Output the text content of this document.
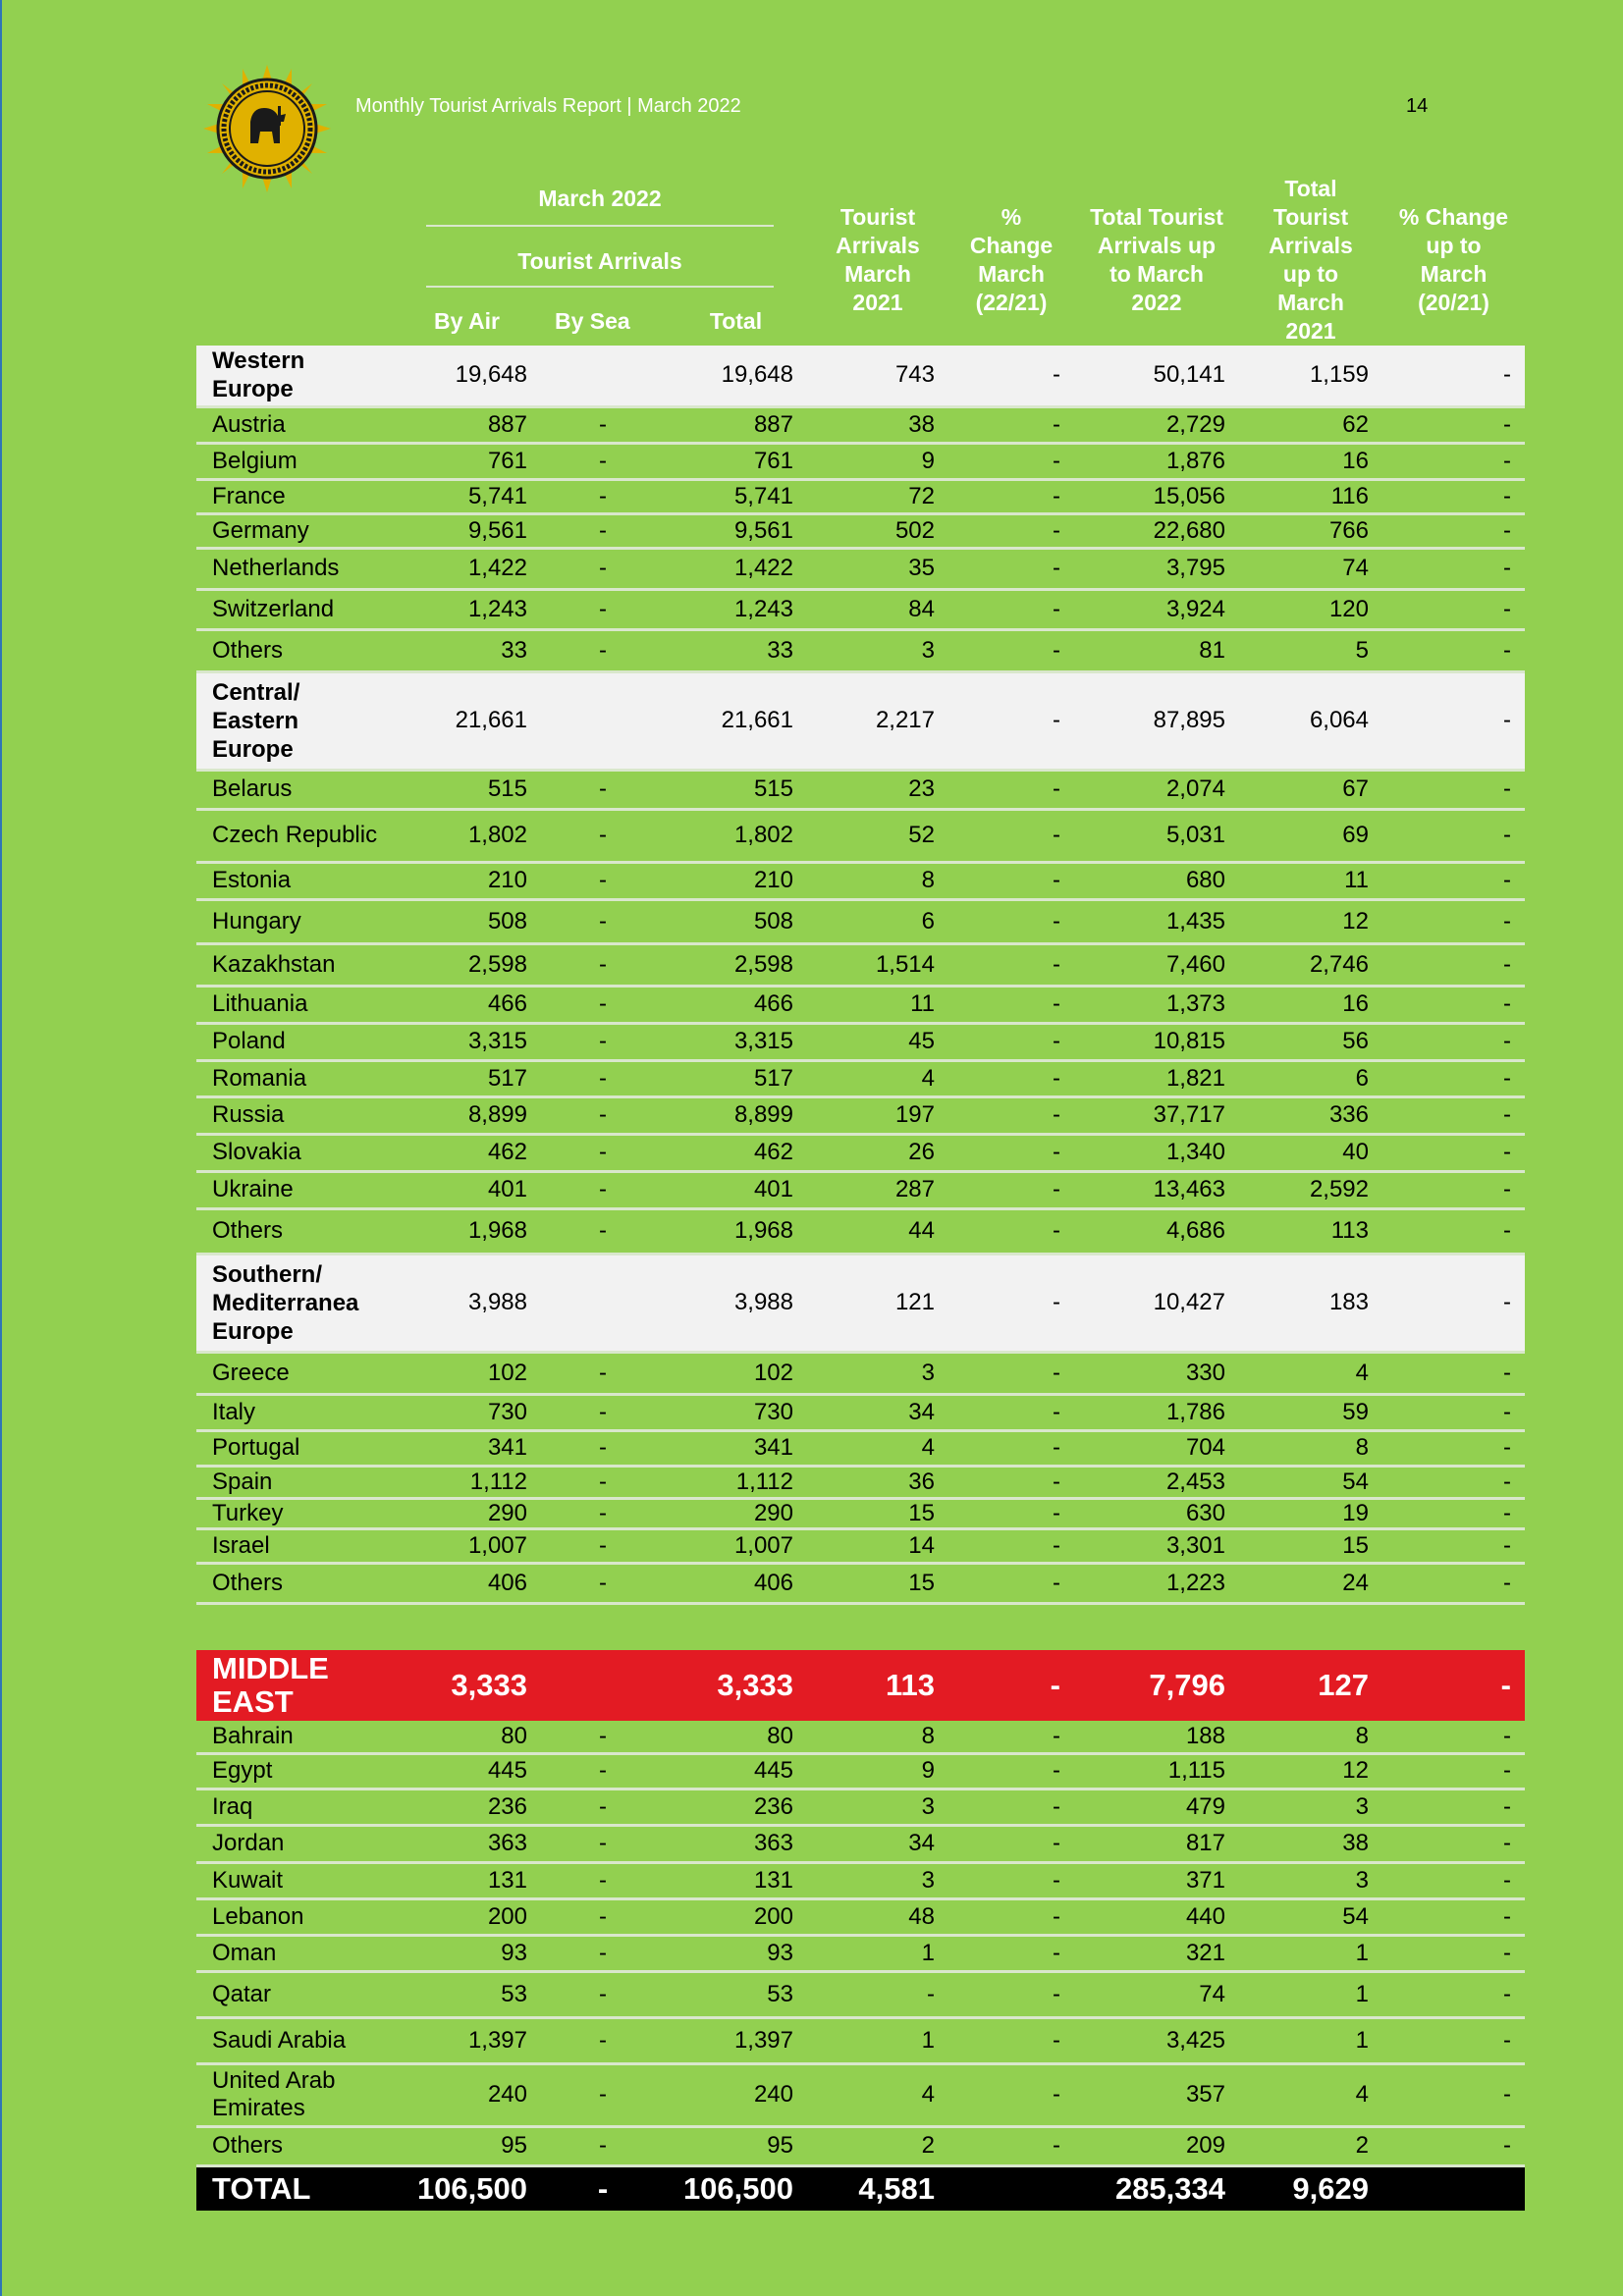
Monthly Tourist Arrivals Report | March 2022	14

	March 2022			Tourist Arrivals March 2021	% Change March (22/21)	Total Tourist Arrivals up to March 2022	Total Tourist Arrivals up to March 2021	% Change up to March (20/21)

	Tourist Arrivals							

	By Air	By Sea	Total					
Western Europe	19,648		19,648	743	-	50,141	1,159	-
Austria	887	-	887	38	-	2,729	62	-
Belgium	761	-	761	9	-	1,876	16	-
France	5,741	-	5,741	72	-	15,056	116	-
Germany	9,561	-	9,561	502	-	22,680	766	-
Netherlands	1,422	-	1,422	35	-	3,795	74	-
Switzerland	1,243	-	1,243	84	-	3,924	120	-
Others	33	-	33	3	-	81	5	-
Central/ Eastern Europe	21,661		21,661	2,217	-	87,895	6,064	-
Belarus	515	-	515	23	-	2,074	67	-
Czech Republic	1,802	-	1,802	52	-	5,031	69	-
Estonia	210	-	210	8	-	680	11	-
Hungary	508	-	508	6	-	1,435	12	-
Kazakhstan	2,598	-	2,598	1,514	-	7,460	2,746	-
Lithuania	466	-	466	11	-	1,373	16	-
Poland	3,315	-	3,315	45	-	10,815	56	-
Romania	517	-	517	4	-	1,821	6	-
Russia	8,899	-	8,899	197	-	37,717	336	-
Slovakia	462	-	462	26	-	1,340	40	-
Ukraine	401	-	401	287	-	13,463	2,592	-
Others	1,968	-	1,968	44	-	4,686	113	-
Southern/ Mediterranea Europe	3,988		3,988	121	-	10,427	183	-
Greece	102	-	102	3	-	330	4	-
Italy	730	-	730	34	-	1,786	59	-
Portugal	341	-	341	4	-	704	8	-
Spain	1,112	-	1,112	36	-	2,453	54	-
Turkey	290	-	290	15	-	630	19	-
Israel	1,007	-	1,007	14	-	3,301	15	-
Others	406	-	406	15	-	1,223	24	-

MIDDLE EAST	3,333		3,333	113	-	7,796	127	-
Bahrain	80	-	80	8	-	188	8	-
Egypt	445	-	445	9	-	1,115	12	-
Iraq	236	-	236	3	-	479	3	-
Jordan	363	-	363	34	-	817	38	-
Kuwait	131	-	131	3	-	371	3	-
Lebanon	200	-	200	48	-	440	54	-
Oman	93	-	93	1	-	321	1	-
Qatar	53	-	53	-	-	74	1	-
Saudi Arabia	1,397	-	1,397	1	-	3,425	1	-
United Arab Emirates	240	-	240	4	-	357	4	-
Others	95	-	95	2	-	209	2	-
TOTAL	106,500	-	106,500	4,581		285,334	9,629	
